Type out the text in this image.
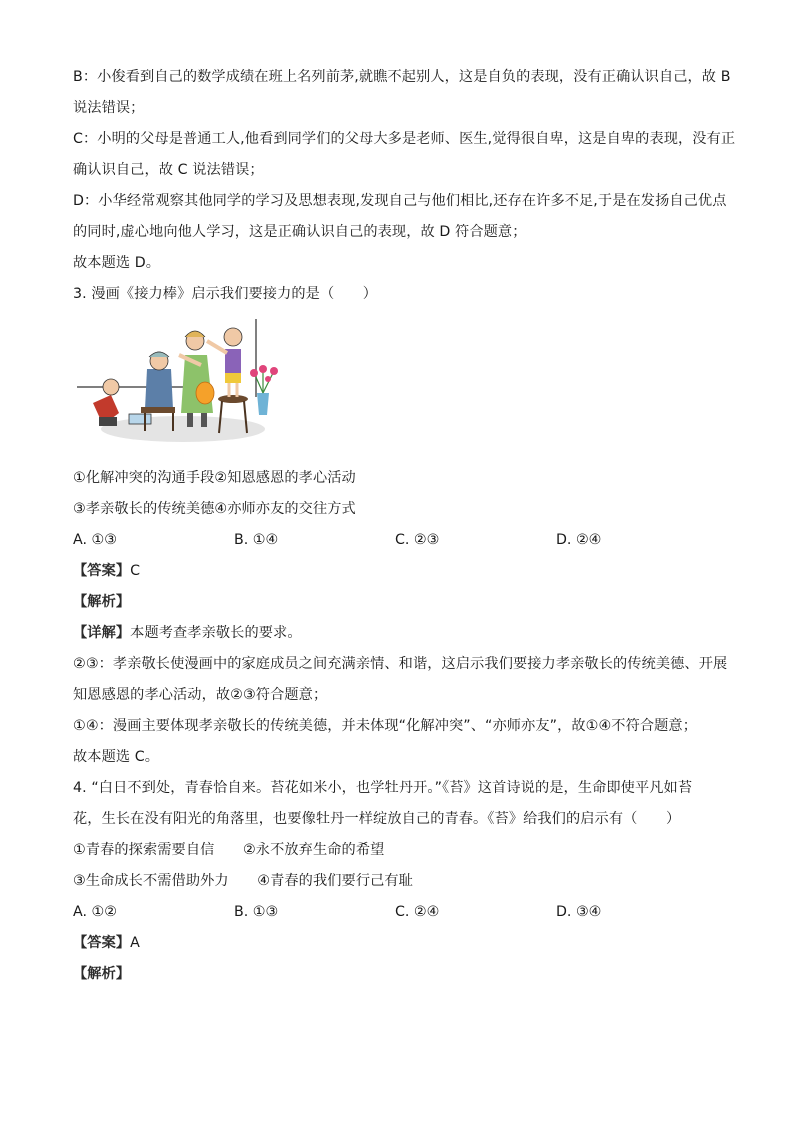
B：小俊看到自己的数学成绩在班上名列前茅,就瞧不起别人，这是自负的表现，没有正确认识自己，故 B
说法错误；
C：小明的父母是普通工人,他看到同学们的父母大多是老师、医生,觉得很自卑，这是自卑的表现，没有正
确认识自己，故 C 说法错误；
D：小华经常观察其他同学的学习及思想表现,发现自己与他们相比,还存在许多不足,于是在发扬自己优点
的同时,虚心地向他人学习，这是正确认识自己的表现，故 D 符合题意；
故本题选 D。
3. 漫画《接力棒》启示我们要接力的是（　　）
①化解冲突的沟通手段②知恩感恩的孝心活动
③孝亲敬长的传统美德④亦师亦友的交往方式
A. ①③	B. ①④	C. ②③	D. ②④
【答案】C
【解析】
【详解】本题考查孝亲敬长的要求。
②③：孝亲敬长使漫画中的家庭成员之间充满亲情、和谐，这启示我们要接力孝亲敬长的传统美德、开展
知恩感恩的孝心活动，故②③符合题意；
①④：漫画主要体现孝亲敬长的传统美德，并未体现“化解冲突”、“亦师亦友”，故①④不符合题意；
故本题选 C。
4. “白日不到处，青春恰自来。苔花如米小，也学牡丹开。”《苔》这首诗说的是，生命即使平凡如苔
花，生长在没有阳光的角落里，也要像牡丹一样绽放自己的青春。《苔》给我们的启示有（　　）
①青春的探索需要自信　　②永不放弃生命的希望
③生命成长不需借助外力　　④青春的我们要行己有耻
A. ①②	B. ①③	C. ②④	D. ③④
【答案】A
【解析】
